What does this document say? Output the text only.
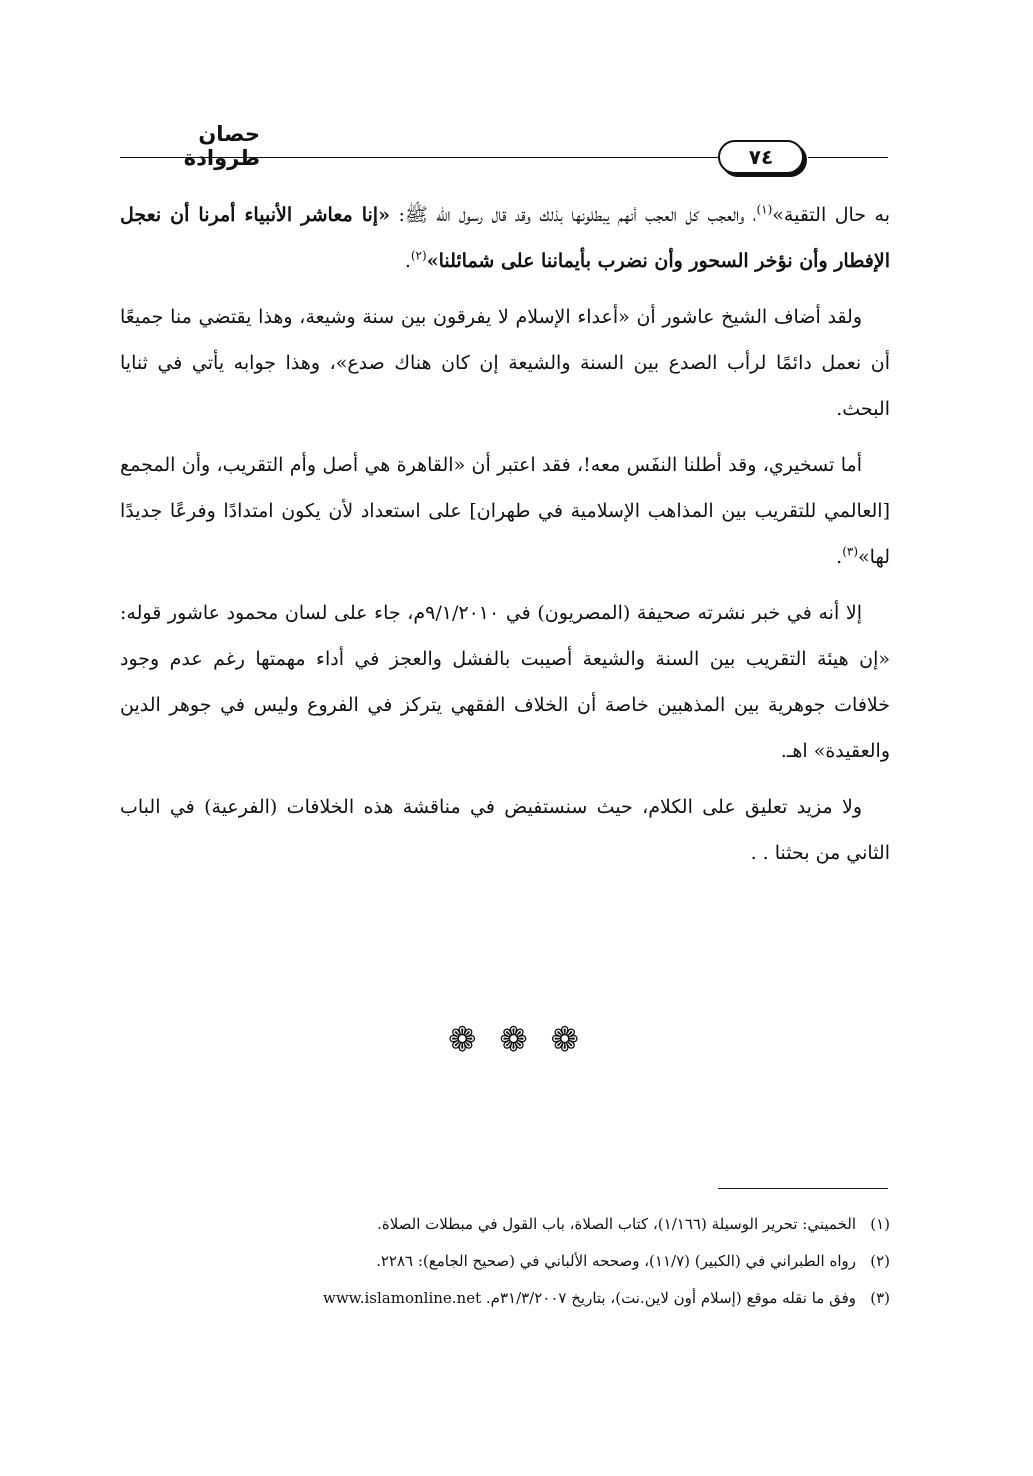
حصان طروادة	٧٤

به حال التقية»$^{(١)}$، والعجب كل العجب أنهم يبطلونها بذلك وقد قال رسول الله ﷺ: «إنا معاشر الأنبياء أمرنا أن نعجل الإفطار وأن نؤخر السحور وأن نضرب بأيماننا على شمائلنا»$^{(٢)}$.

ولقد أضاف الشيخ عاشور أن «أعداء الإسلام لا يفرقون بين سنة وشيعة، وهذا يقتضي منا جميعًا أن نعمل دائمًا لرأب الصدع بين السنة والشيعة إن كان هناك صدع»، وهذا جوابه يأتي في ثنايا البحث.

أما تسخيري، وقد أطلنا النفَس معه!، فقد اعتبر أن «القاهرة هي أصل وأم التقريب، وأن المجمع [العالمي للتقريب بين المذاهب الإسلامية في طهران] على استعداد لأن يكون امتدادًا وفرعًا جديدًا لها»$^{(٣)}$.

إلا أنه في خبر نشرته صحيفة (المصريون) في ٩/١/٢٠١٠م، جاء على لسان محمود عاشور قوله: «إن هيئة التقريب بين السنة والشيعة أصيبت بالفشل والعجز في أداء مهمتها رغم عدم وجود خلافات جوهرية بين المذهبين خاصة أن الخلاف الفقهي يتركز في الفروع وليس في جوهر الدين والعقيدة» اهـ.

ولا مزيد تعليق على الكلام، حيث سنستفيض في مناقشة هذه الخلافات (الفرعية) في الباب الثاني من بحثنا . .

❁ ❁ ❁

(١)الخميني: تحرير الوسيلة (١/١٦٦)، كتاب الصلاة، باب القول في مبطلات الصلاة.

(٢)رواه الطبراني في (الكبير) (١١/٧)، وصححه الألباني في (صحيح الجامع): ٢٢٨٦.

(٣)وفق ما نقله موقع (إسلام أون لاين.نت)، بتاريخ ٣١/٣/٢٠٠٧م. www.islamonline.net
